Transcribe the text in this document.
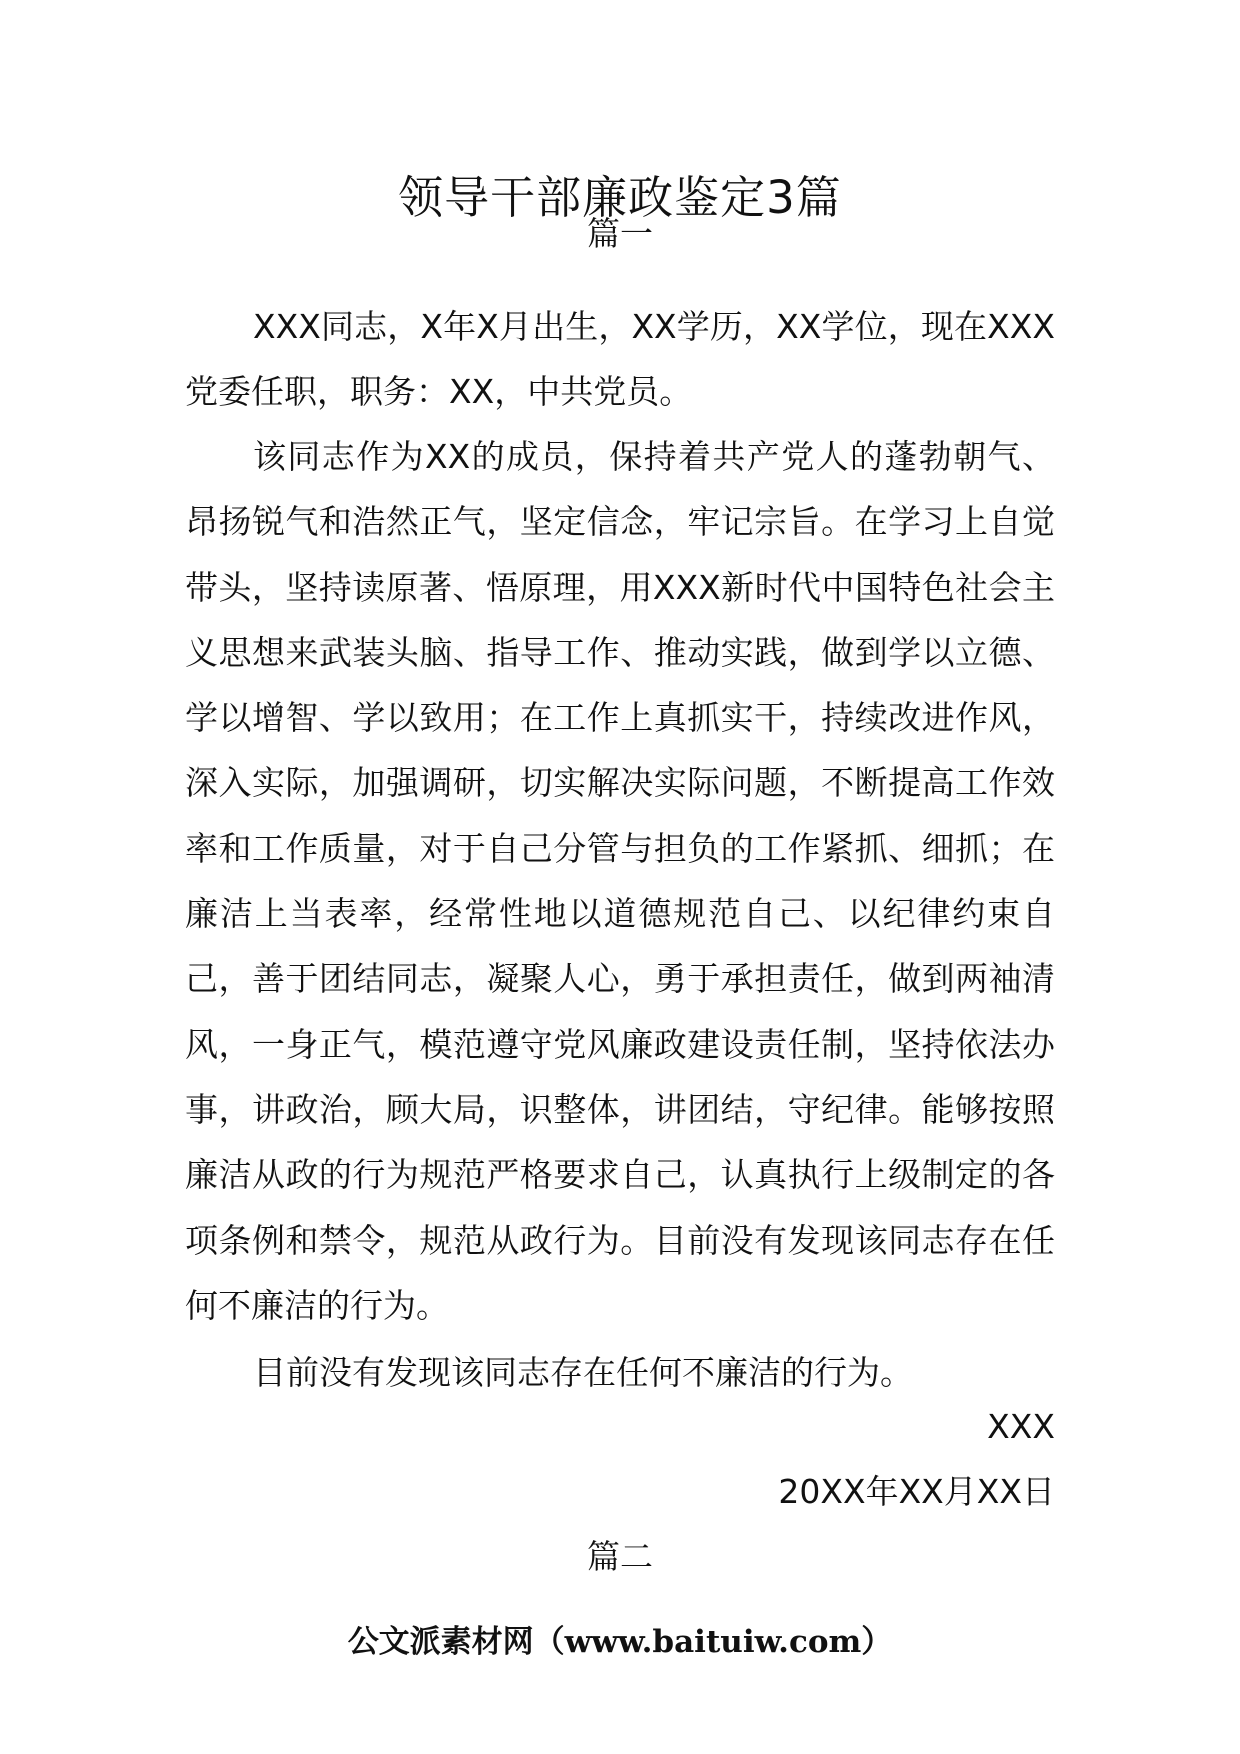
领导干部廉政鉴定3篇
篇一

XXX同志，X年X月出生，XX学历，XX学位，现在XXX党委任职，职务：XX，中共党员。

该同志作为XX的成员，保持着共产党人的蓬勃朝气、昂扬锐气和浩然正气，坚定信念，牢记宗旨。在学习上自觉带头，坚持读原著、悟原理，用XXX新时代中国特色社会主义思想来武装头脑、指导工作、推动实践，做到学以立德、学以增智、学以致用；在工作上真抓实干，持续改进作风，深入实际，加强调研，切实解决实际问题，不断提高工作效率和工作质量，对于自己分管与担负的工作紧抓、细抓；在廉洁上当表率，经常性地以道德规范自己、以纪律约束自己，善于团结同志，凝聚人心，勇于承担责任，做到两袖清风，一身正气，模范遵守党风廉政建设责任制，坚持依法办事，讲政治，顾大局，识整体，讲团结，守纪律。能够按照廉洁从政的行为规范严格要求自己，认真执行上级制定的各项条例和禁令，规范从政行为。目前没有发现该同志存在任何不廉洁的行为。

目前没有发现该同志存在任何不廉洁的行为。

XXX
20XX年XX月XX日
篇二
公文派素材网（www.baituiw.com）
